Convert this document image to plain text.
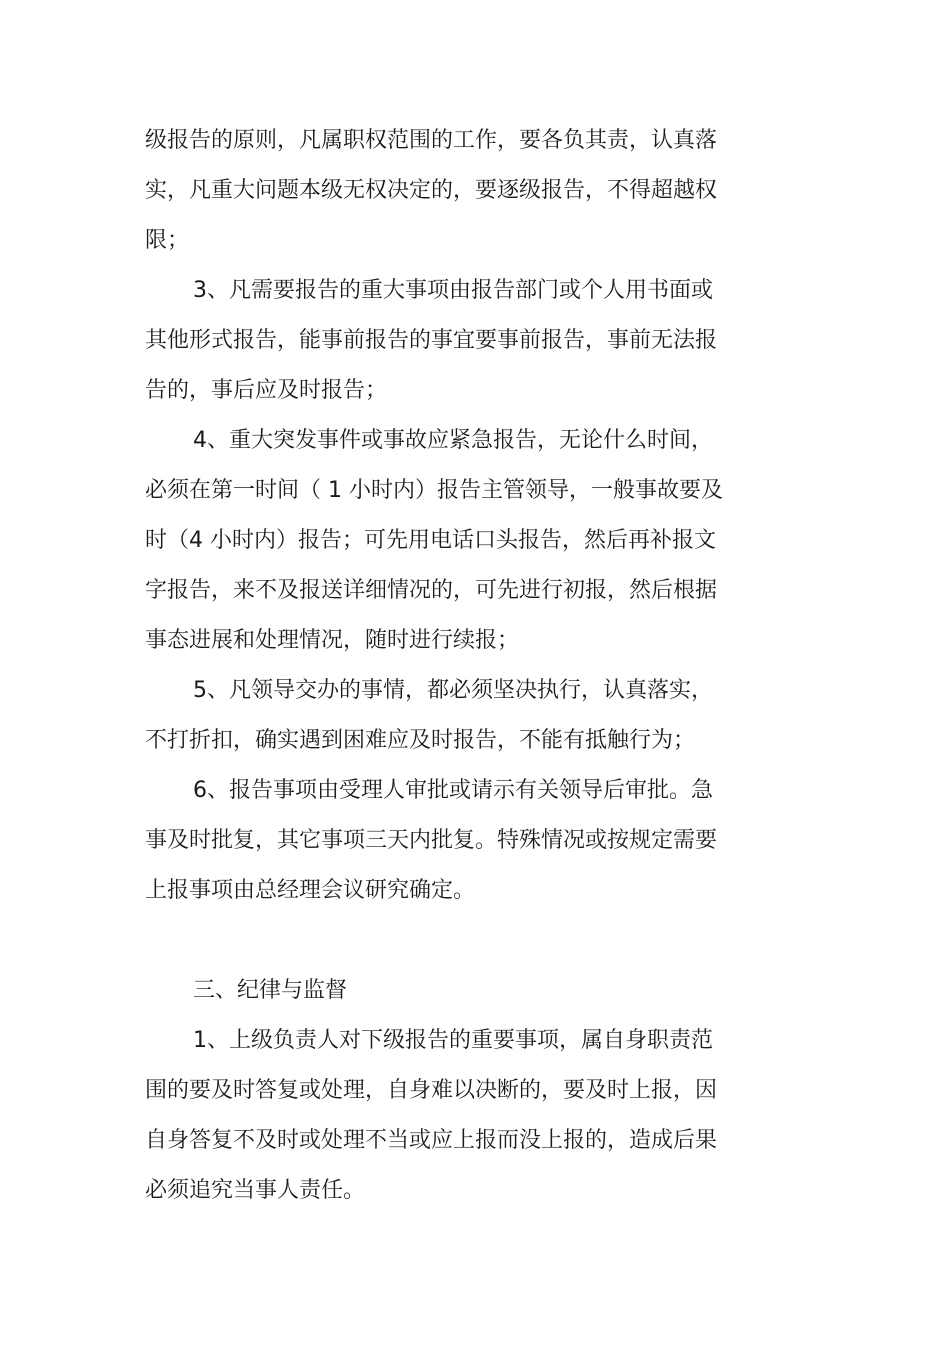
级报告的原则，凡属职权范围的工作，要各负其责，认真落

实，凡重大问题本级无权决定的，要逐级报告，不得超越权

限；

3、凡需要报告的重大事项由报告部门或个人用书面或

其他形式报告，能事前报告的事宜要事前报告，事前无法报

告的，事后应及时报告；

4、重大突发事件或事故应紧急报告，无论什么时间，

必须在第一时间（ 1 小时内）报告主管领导，一般事故要及

时（4 小时内）报告；可先用电话口头报告，然后再补报文

字报告，来不及报送详细情况的，可先进行初报，然后根据

事态进展和处理情况，随时进行续报；

5、凡领导交办的事情，都必须坚决执行，认真落实，

不打折扣，确实遇到困难应及时报告，不能有抵触行为；

6、报告事项由受理人审批或请示有关领导后审批。急

事及时批复，其它事项三天内批复。特殊情况或按规定需要

上报事项由总经理会议研究确定。

三、纪律与监督

1、上级负责人对下级报告的重要事项，属自身职责范

围的要及时答复或处理，自身难以决断的，要及时上报，因

自身答复不及时或处理不当或应上报而没上报的，造成后果

必须追究当事人责任。
